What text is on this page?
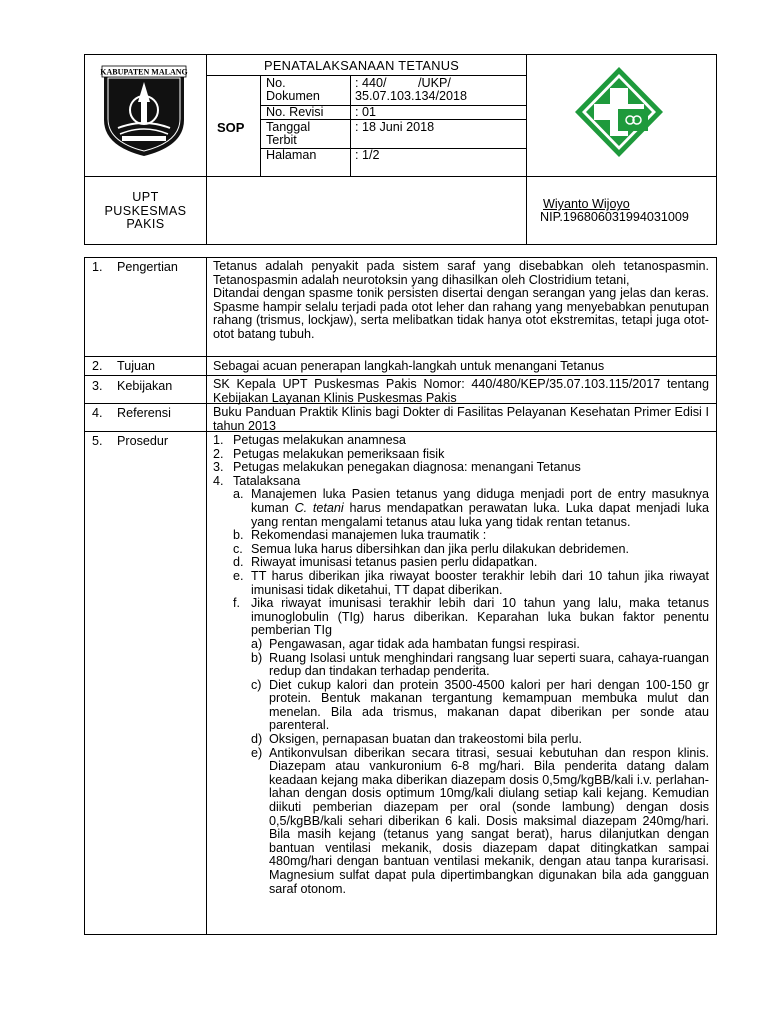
KABUPATEN MALANG
SOP
PENATALAKSANAAN TETANUS
No.
Dokumen
: 440/         /UKP/
35.07.103.134/2018
No. Revisi	: 01
Tanggal
Terbit
: 18 Juni 2018
Halaman	: 1/2
UPT
PUSKESMAS
PAKIS
Wiyanto Wijoyo
NIP.196806031994031009
1. Pengertian
2. Tujuan
3. Kebijakan
4. Referensi
5. Prosedur

Tetanus adalah penyakit pada sistem saraf yang disebabkan oleh tetanospasmin. Tetanospasmin adalah neurotoksin yang dihasilkan oleh Clostridium tetani,

Ditandai dengan spasme tonik persisten disertai dengan serangan yang jelas dan keras. Spasme hampir selalu terjadi pada otot leher dan rahang yang menyebabkan penutupan rahang (trismus, lockjaw), serta melibatkan tidak hanya otot ekstremitas, tetapi juga otot-otot batang tubuh.

Sebagai acuan penerapan langkah-langkah untuk menangani Tetanus
SK Kepala UPT Puskesmas Pakis Nomor: 440/480/KEP/35.07.103.115/2017 tentang Kebijakan Layanan Klinis Puskesmas Pakis
Buku Panduan Praktik Klinis bagi Dokter di Fasilitas Pelayanan Kesehatan Primer Edisi I tahun 2013
1. Petugas melakukan anamnesa
2. Petugas melakukan pemeriksaan fisik
3. Petugas melakukan penegakan diagnosa: menangani Tetanus
4. Tatalaksana
a. Manajemen luka Pasien tetanus yang diduga menjadi port de entry masuknya kuman C. tetani harus mendapatkan perawatan luka. Luka dapat menjadi luka yang rentan mengalami tetanus atau luka yang tidak rentan tetanus.
b. Rekomendasi manajemen luka traumatik :
c. Semua luka harus dibersihkan dan jika perlu dilakukan debridemen.
d. Riwayat imunisasi tetanus pasien perlu didapatkan.
e. TT harus diberikan jika riwayat booster terakhir lebih dari 10 tahun jika riwayat imunisasi tidak diketahui, TT dapat diberikan.
f. Jika riwayat imunisasi terakhir lebih dari 10 tahun yang lalu, maka tetanus imunoglobulin (TIg) harus diberikan. Keparahan luka bukan faktor penentu pemberian TIg
a) Pengawasan, agar tidak ada hambatan fungsi respirasi.
b) Ruang Isolasi untuk menghindari rangsang luar seperti suara, cahaya-ruangan redup dan tindakan terhadap penderita.
c) Diet cukup kalori dan protein 3500-4500 kalori per hari dengan 100-150 gr protein. Bentuk makanan tergantung kemampuan membuka mulut dan menelan. Bila ada trismus, makanan dapat diberikan per sonde atau parenteral.
d) Oksigen, pernapasan buatan dan trakeostomi bila perlu.
e) Antikonvulsan diberikan secara titrasi, sesuai kebutuhan dan respon klinis. Diazepam atau vankuronium 6-8 mg/hari. Bila penderita datang dalam keadaan kejang maka diberikan diazepam dosis 0,5mg/kgBB/kali i.v. perlahan-lahan dengan dosis optimum 10mg/kali diulang setiap kali kejang. Kemudian diikuti pemberian diazepam per oral (sonde lambung) dengan dosis 0,5/kgBB/kali sehari diberikan 6 kali. Dosis maksimal diazepam 240mg/hari. Bila masih kejang (tetanus yang sangat berat), harus dilanjutkan dengan bantuan ventilasi mekanik, dosis diazepam dapat ditingkatkan sampai 480mg/hari dengan bantuan ventilasi mekanik, dengan atau tanpa kurarisasi. Magnesium sulfat dapat pula dipertimbangkan digunakan bila ada gangguan saraf otonom.
